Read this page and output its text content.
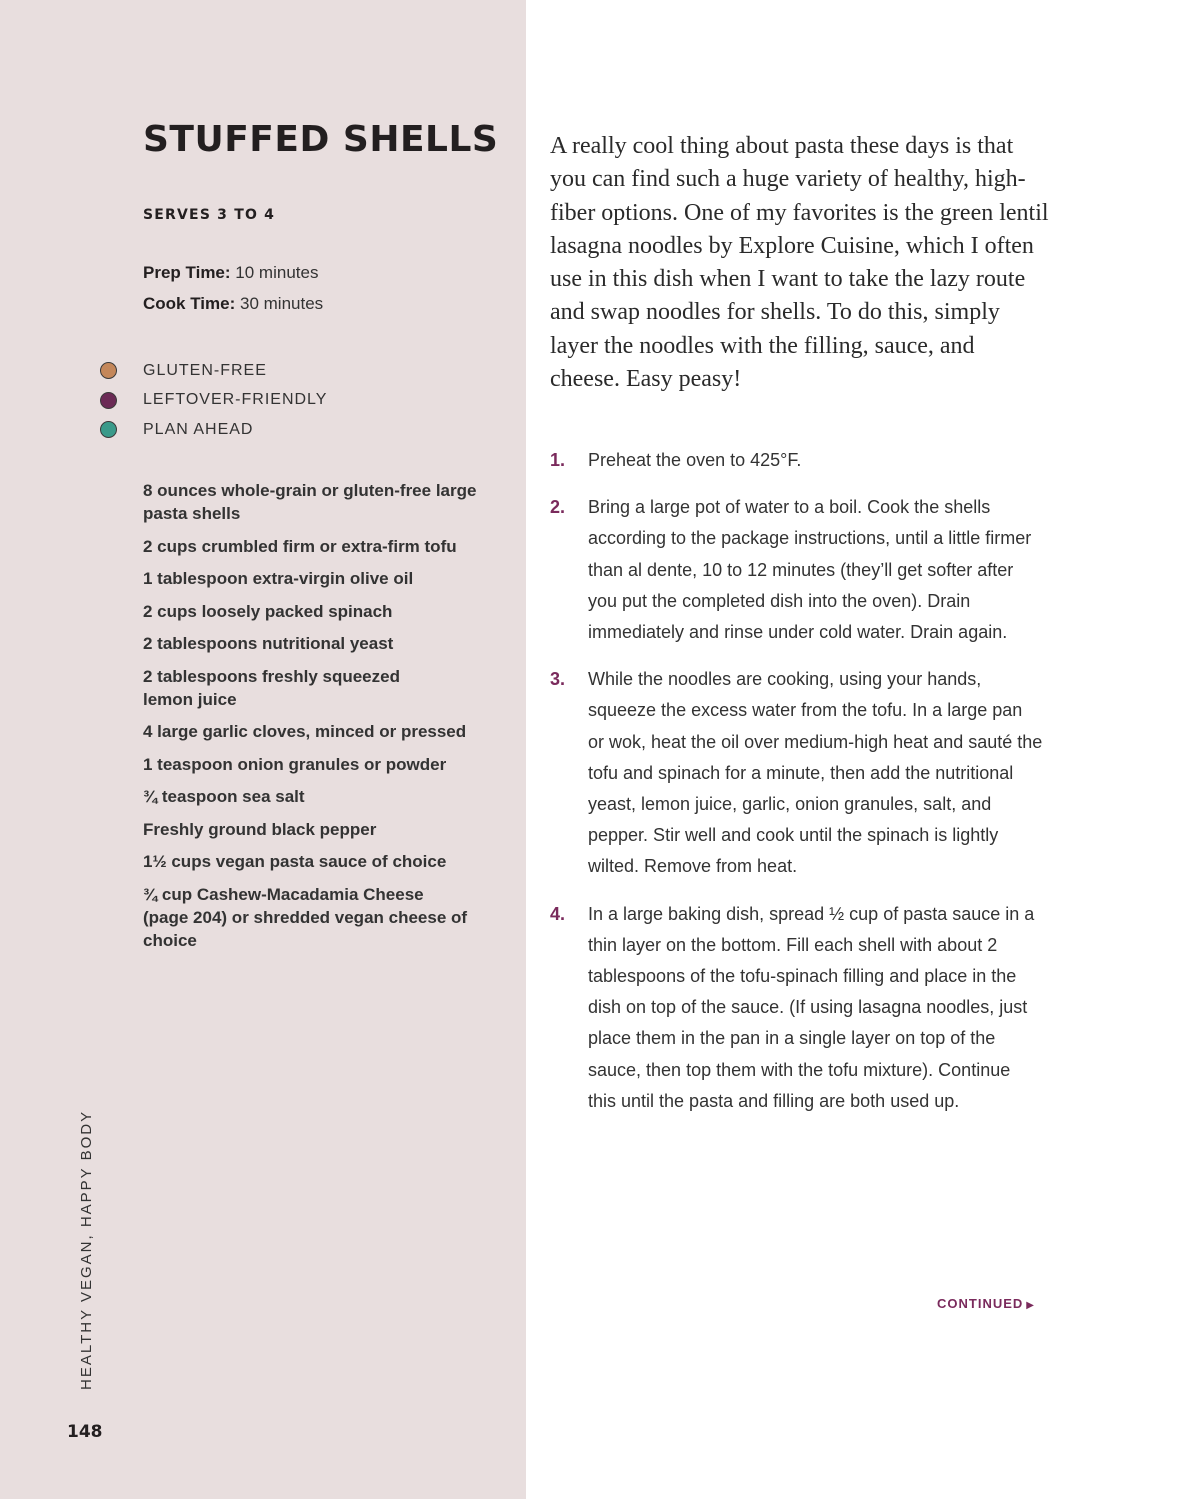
STUFFED SHELLS
SERVES 3 TO 4
Prep Time: 10 minutes
Cook Time: 30 minutes
GLUTEN-FREE
LEFTOVER-FRIENDLY
PLAN AHEAD
8 ounces whole-grain or gluten-free large pasta shells
2 cups crumbled firm or extra-firm tofu
1 tablespoon extra-virgin olive oil
2 cups loosely packed spinach
2 tablespoons nutritional yeast
2 tablespoons freshly squeezed lemon juice
4 large garlic cloves, minced or pressed
1 teaspoon onion granules or powder
¾ teaspoon sea salt
Freshly ground black pepper
1½ cups vegan pasta sauce of choice
¾ cup Cashew-Macadamia Cheese (page 204) or shredded vegan cheese of choice
HEALTHY VEGAN, HAPPY BODY
148

A really cool thing about pasta these days is that you can find such a huge variety of healthy, high-fiber options. One of my favorites is the green lentil lasagna noodles by Explore Cuisine, which I often use in this dish when I want to take the lazy route and swap noodles for shells. To do this, simply layer the noodles with the filling, sauce, and cheese. Easy peasy!

1.	Preheat the oven to 425°F.
2.	Bring a large pot of water to a boil. Cook the shells according to the package instructions, until a little firmer than al dente, 10 to 12 minutes (they’ll get softer after you put the completed dish into the oven). Drain immediately and rinse under cold water. Drain again.
3.	While the noodles are cooking, using your hands, squeeze the excess water from the tofu. In a large pan or wok, heat the oil over medium-high heat and sauté the tofu and spinach for a minute, then add the nutritional yeast, lemon juice, garlic, onion granules, salt, and pepper. Stir well and cook until the spinach is lightly wilted. Remove from heat.
4.	In a large baking dish, spread ½ cup of pasta sauce in a thin layer on the bottom. Fill each shell with about 2 tablespoons of the tofu-spinach filling and place in the dish on top of the sauce. (If using lasagna noodles, just place them in the pan in a single layer on top of the sauce, then top them with the tofu mixture). Continue this until the pasta and filling are both used up.
CONTINUED ▶
